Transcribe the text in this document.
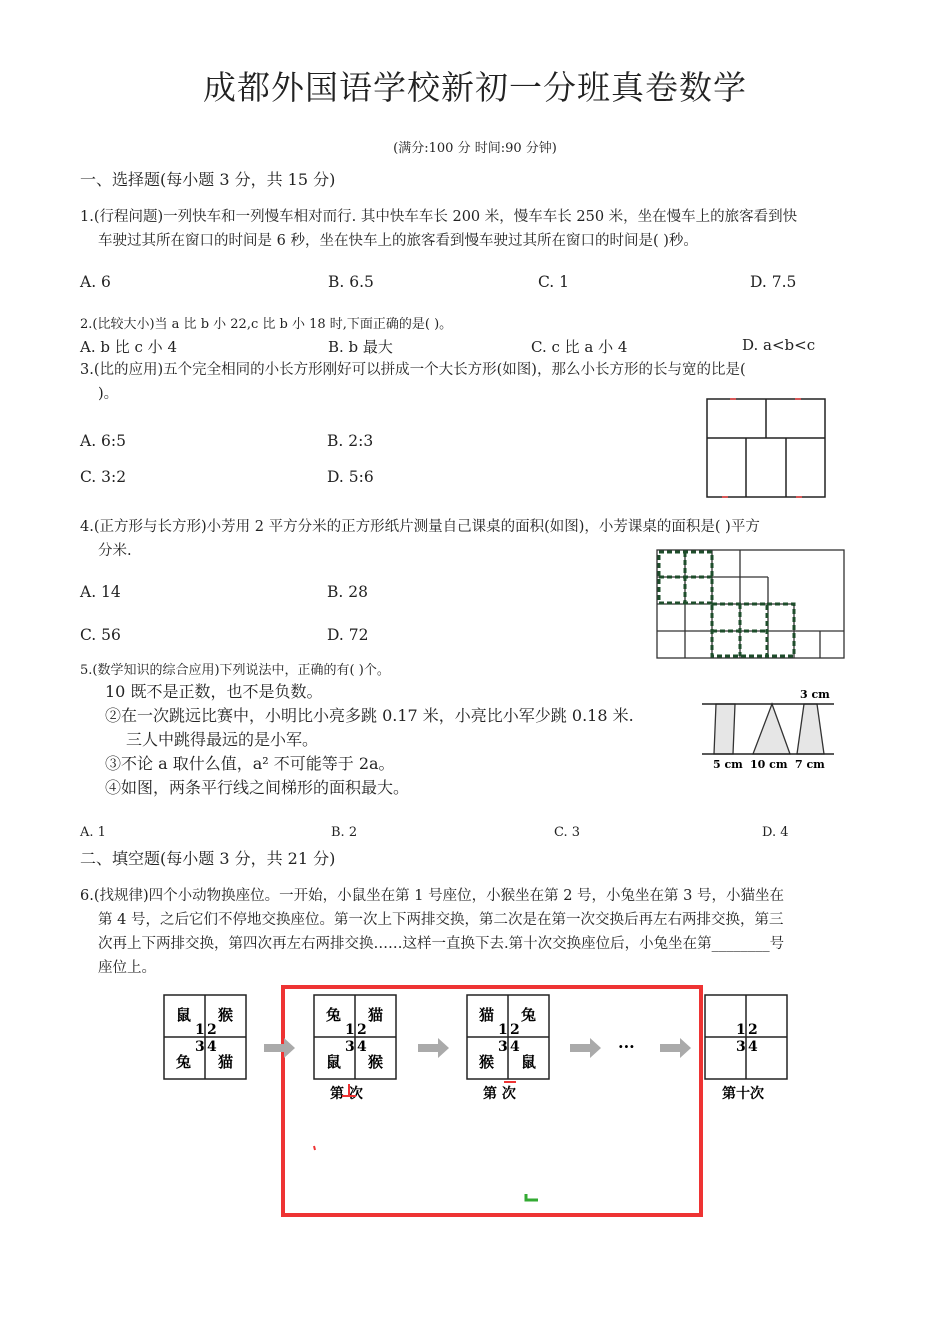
成都外国语学校新初一分班真卷数学
(满分:100 分 时间:90 分钟)
一、选择题(每小题 3 分，共 15 分)
1.(行程问题)一列快车和一列慢车相对而行. 其中快车车长 200 米，慢车车长 250 米，坐在慢车上的旅客看到快

车驶过其所在窗口的时间是 6 秒，坐在快车上的旅客看到慢车驶过其所在窗口的时间是( )秒。
A. 6	B. 6.5	C. 1	D. 7.5
2.(比较大小)当 a 比 b 小 22,c 比 b 小 18 时,下面正确的是( )。
A. b 比 c 小 4	B. b 最大	C. c 比 a 小 4	D. a<b<c
3.(比的应用)五个完全相同的小长方形刚好可以拼成一个大长方形(如图)，那么小长方形的长与宽的比是(

)。
A. 6:5	B. 2:3
C. 3:2	D. 5:6
4.(正方形与长方形)小芳用 2 平方分米的正方形纸片测量自己课桌的面积(如图)，小芳课桌的面积是( )平方

分米.
A. 14	B. 28
C. 56	D. 72
5.(数学知识的综合应用)下列说法中，正确的有( )个。
10 既不是正数，也不是负数。
②在一次跳远比赛中，小明比小亮多跳 0.17 米，小亮比小军少跳 0.18 米.
三人中跳得最远的是小军。
③不论 a 取什么值，a² 不可能等于 2a。
④如图，两条平行线之间梯形的面积最大。
3 cm
5 cm 10 cm 7 cm
A. 1	B. 2	C. 3	D. 4
二、填空题(每小题 3 分，共 21 分)
6.(找规律)四个小动物换座位。一开始，小鼠坐在第 1 号座位，小猴坐在第 2 号，小兔坐在第 3 号，小猫坐在

第 4 号，之后它们不停地交换座位。第一次上下两排交换，第二次是在第一次交换后再左右两排交换，第三
次再上下两排交换，第四次再左右两排交换……这样一直换下去.第十次交换座位后，小兔坐在第________号
座位上。
鼠 猴
兔 猫
1 2
3 4
兔 猫
鼠 猴
1 2
3 4
第 次
猫 兔
猴 鼠
1 2
3 4
第 次
···
1 2
3 4
第十次
